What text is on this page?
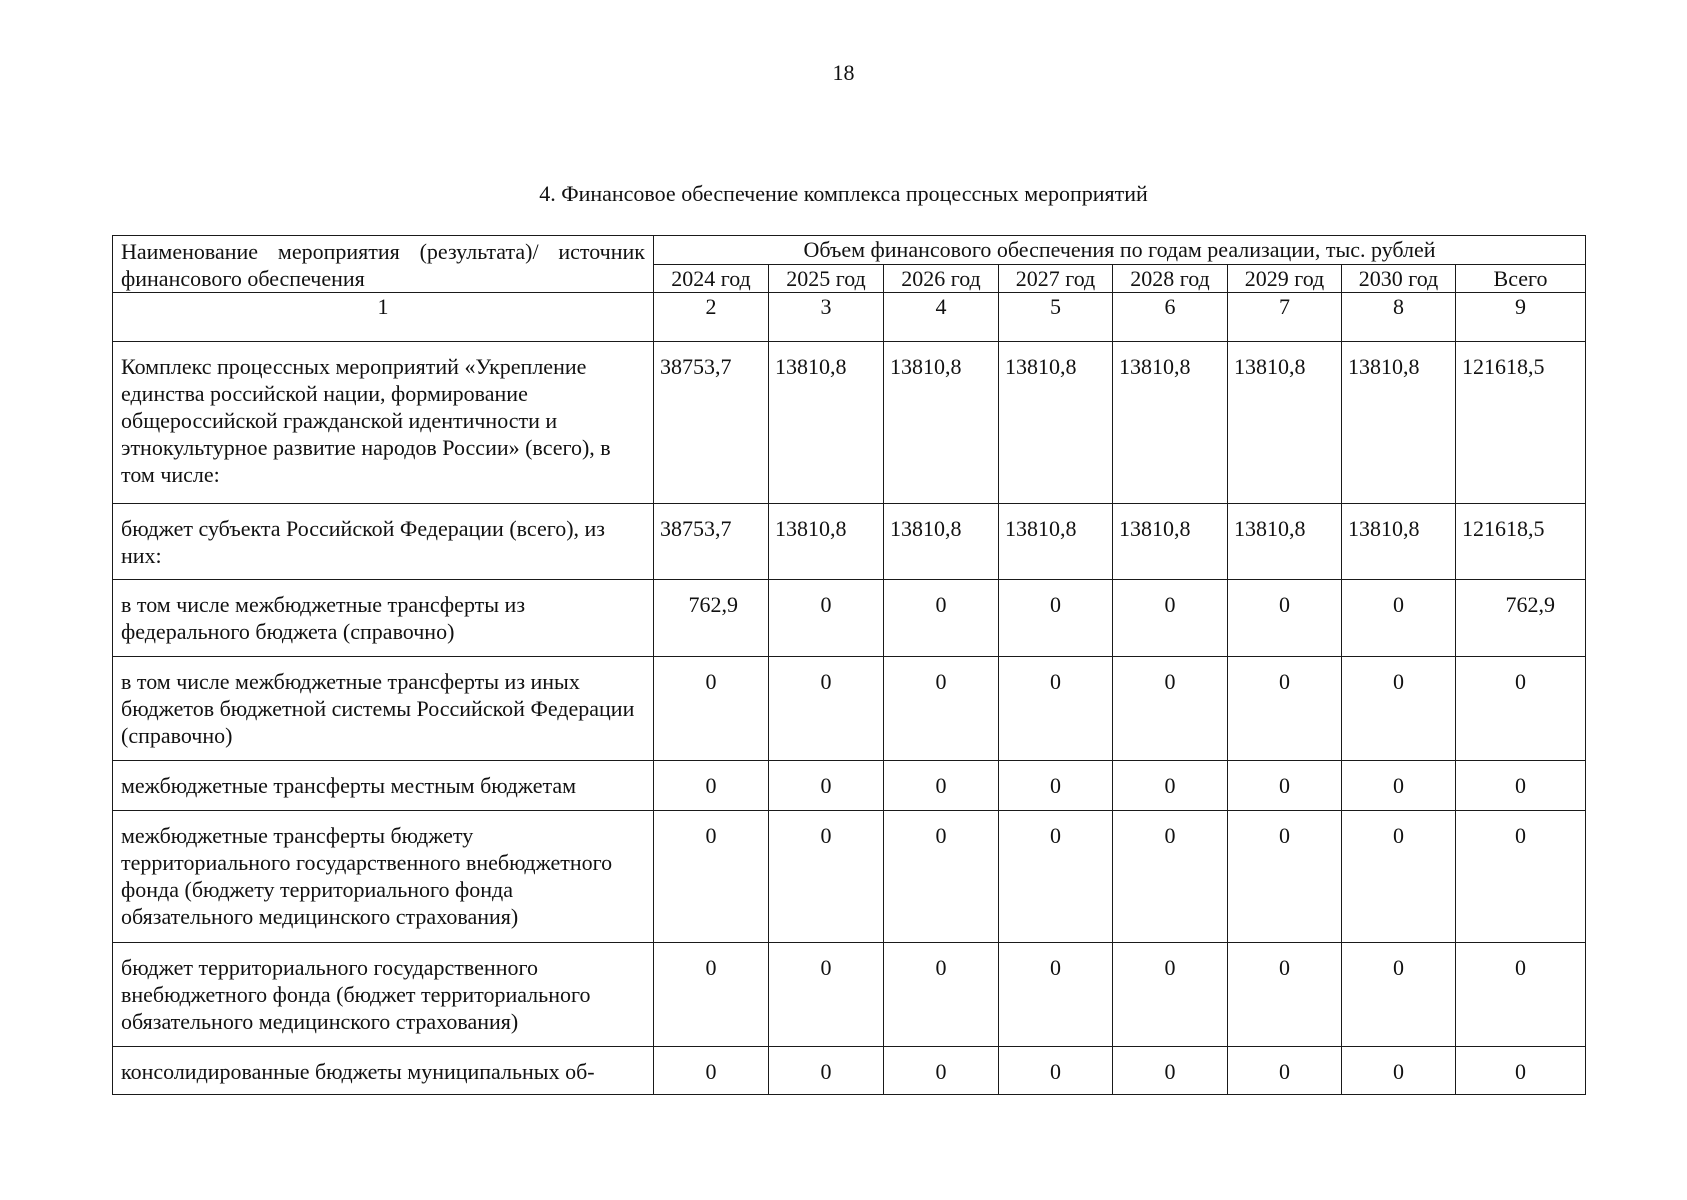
18
4. Финансовое обеспечение комплекса процессных мероприятий
Наименование мероприятия (результата)/ источник финансового обеспечения	Объем финансового обеспечения по годам реализации, тыс. рублей							
	2024 год	2025 год	2026 год	2027 год	2028 год	2029 год	2030 год	Всего
1	2	3	4	5	6	7	8	9
Комплекс процессных мероприятий «Укрепление единства российской нации, формирование общероссийской гражданской идентичности и этнокультурное развитие народов России» (всего), в том числе:	38753,7	13810,8	13810,8	13810,8	13810,8	13810,8	13810,8	121618,5
бюджет субъекта Российской Федерации (всего), из них:	38753,7	13810,8	13810,8	13810,8	13810,8	13810,8	13810,8	121618,5
в том числе межбюджетные трансферты из федерального бюджета (справочно)	762,9	0	0	0	0	0	0	762,9
в том числе межбюджетные трансферты из иных бюджетов бюджетной системы Российской Федерации (справочно)	0	0	0	0	0	0	0	0
межбюджетные трансферты местным бюджетам	0	0	0	0	0	0	0	0
межбюджетные трансферты бюджету территориального государственного внебюджетного фонда (бюджету территориального фонда обязательного медицинского страхования)	0	0	0	0	0	0	0	0
бюджет территориального государственного внебюджетного фонда (бюджет территориального обязательного медицинского страхования)	0	0	0	0	0	0	0	0
консолидированные бюджеты муниципальных об-	0	0	0	0	0	0	0	0
